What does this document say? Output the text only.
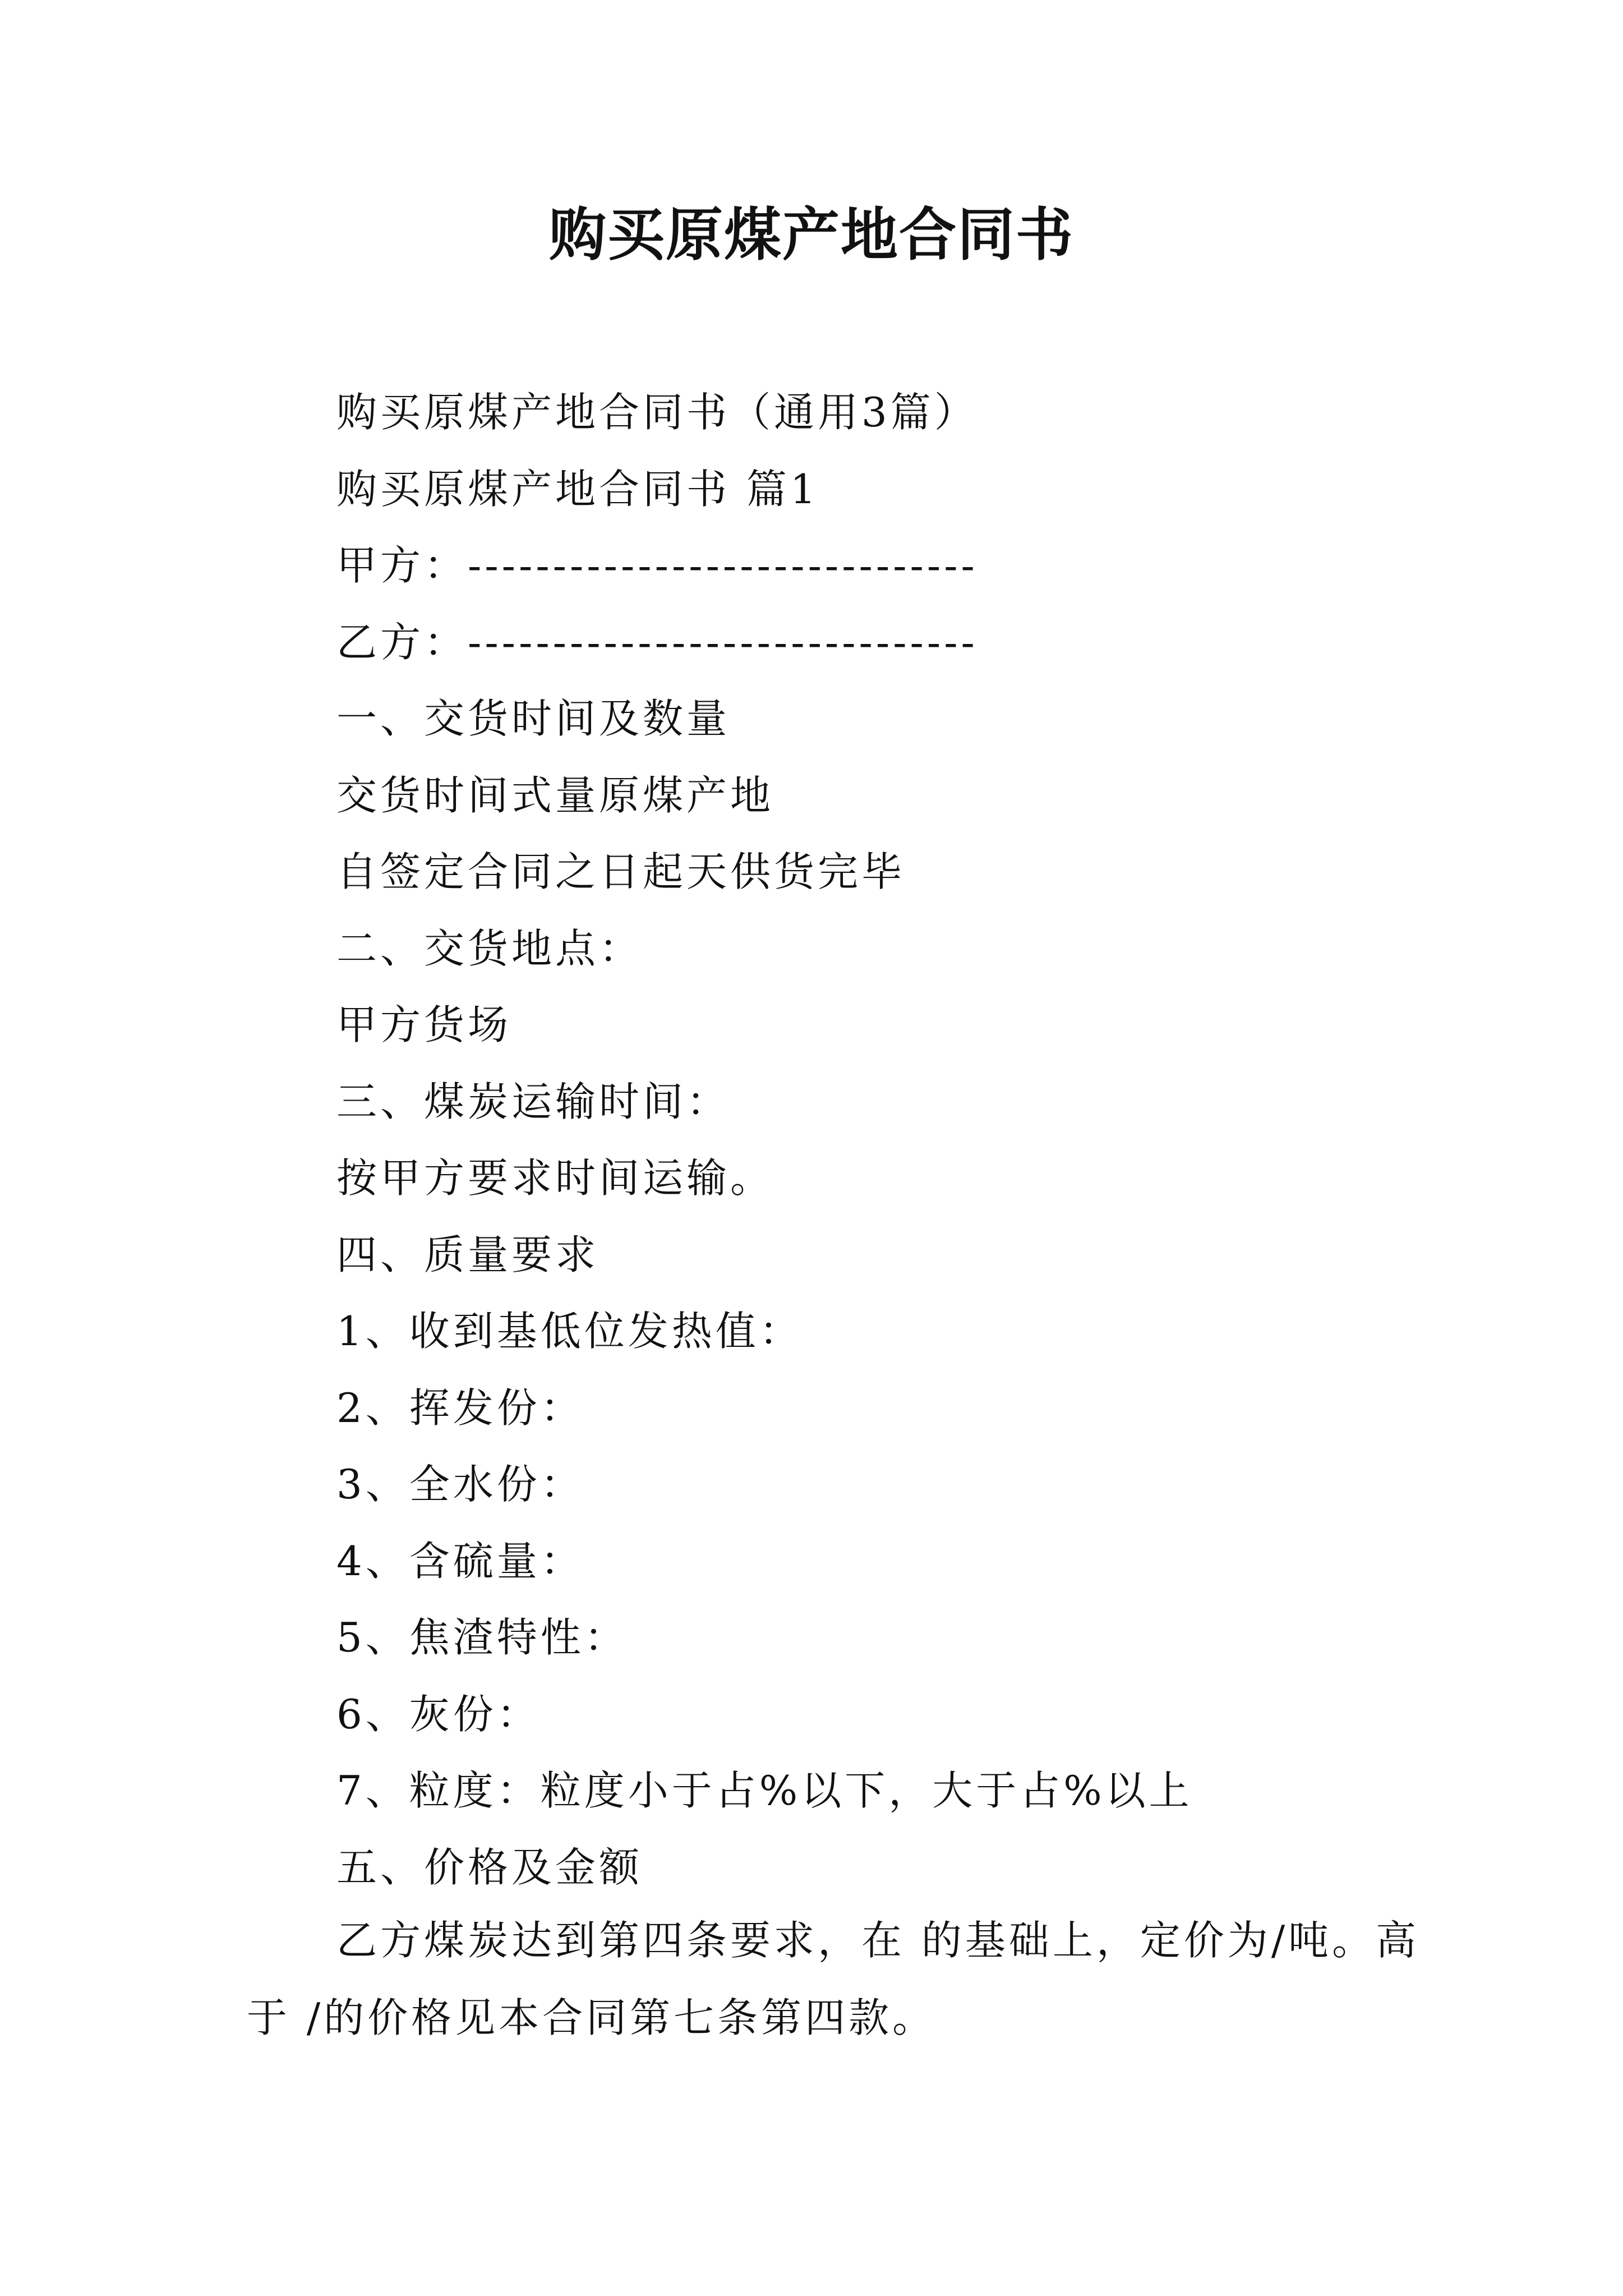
购买原煤产地合同书
购买原煤产地合同书（通用3篇）
购买原煤产地合同书 篇1
甲方：------------------------------
乙方：------------------------------
一、交货时间及数量
交货时间式量原煤产地
自签定合同之日起天供货完毕
二、交货地点：
甲方货场
三、煤炭运输时间：
按甲方要求时间运输。
四、质量要求
1、收到基低位发热值：
2、挥发份：
3、全水份：
4、含硫量：
5、焦渣特性：
6、灰份：
7、粒度：粒度小于占%以下，大于占%以上
五、价格及金额
乙方煤炭达到第四条要求，在 的基础上，定价为/吨。高于 /的价格见本合同第七条第四款。
